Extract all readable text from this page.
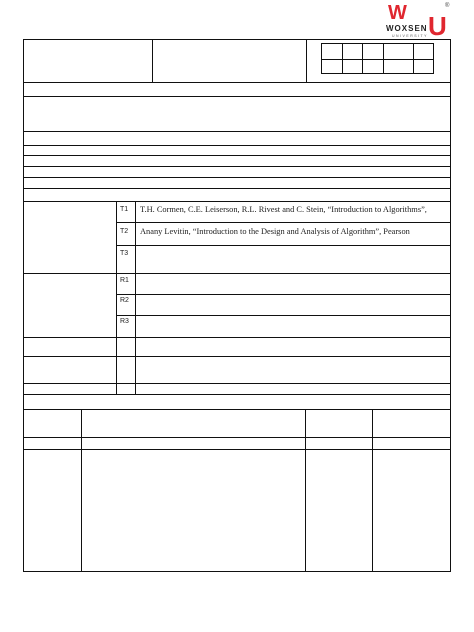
W U
®
WOXSEN
UNIVERSITY
T1 T.H. Cormen, C.E. Leiserson, R.L. Rivest and C. Stein, “Introduction to Algorithms”,
T2 Anany Levitin, “Introduction to the Design and Analysis of Algorithm”, Pearson
T3
R1
R2
R3
